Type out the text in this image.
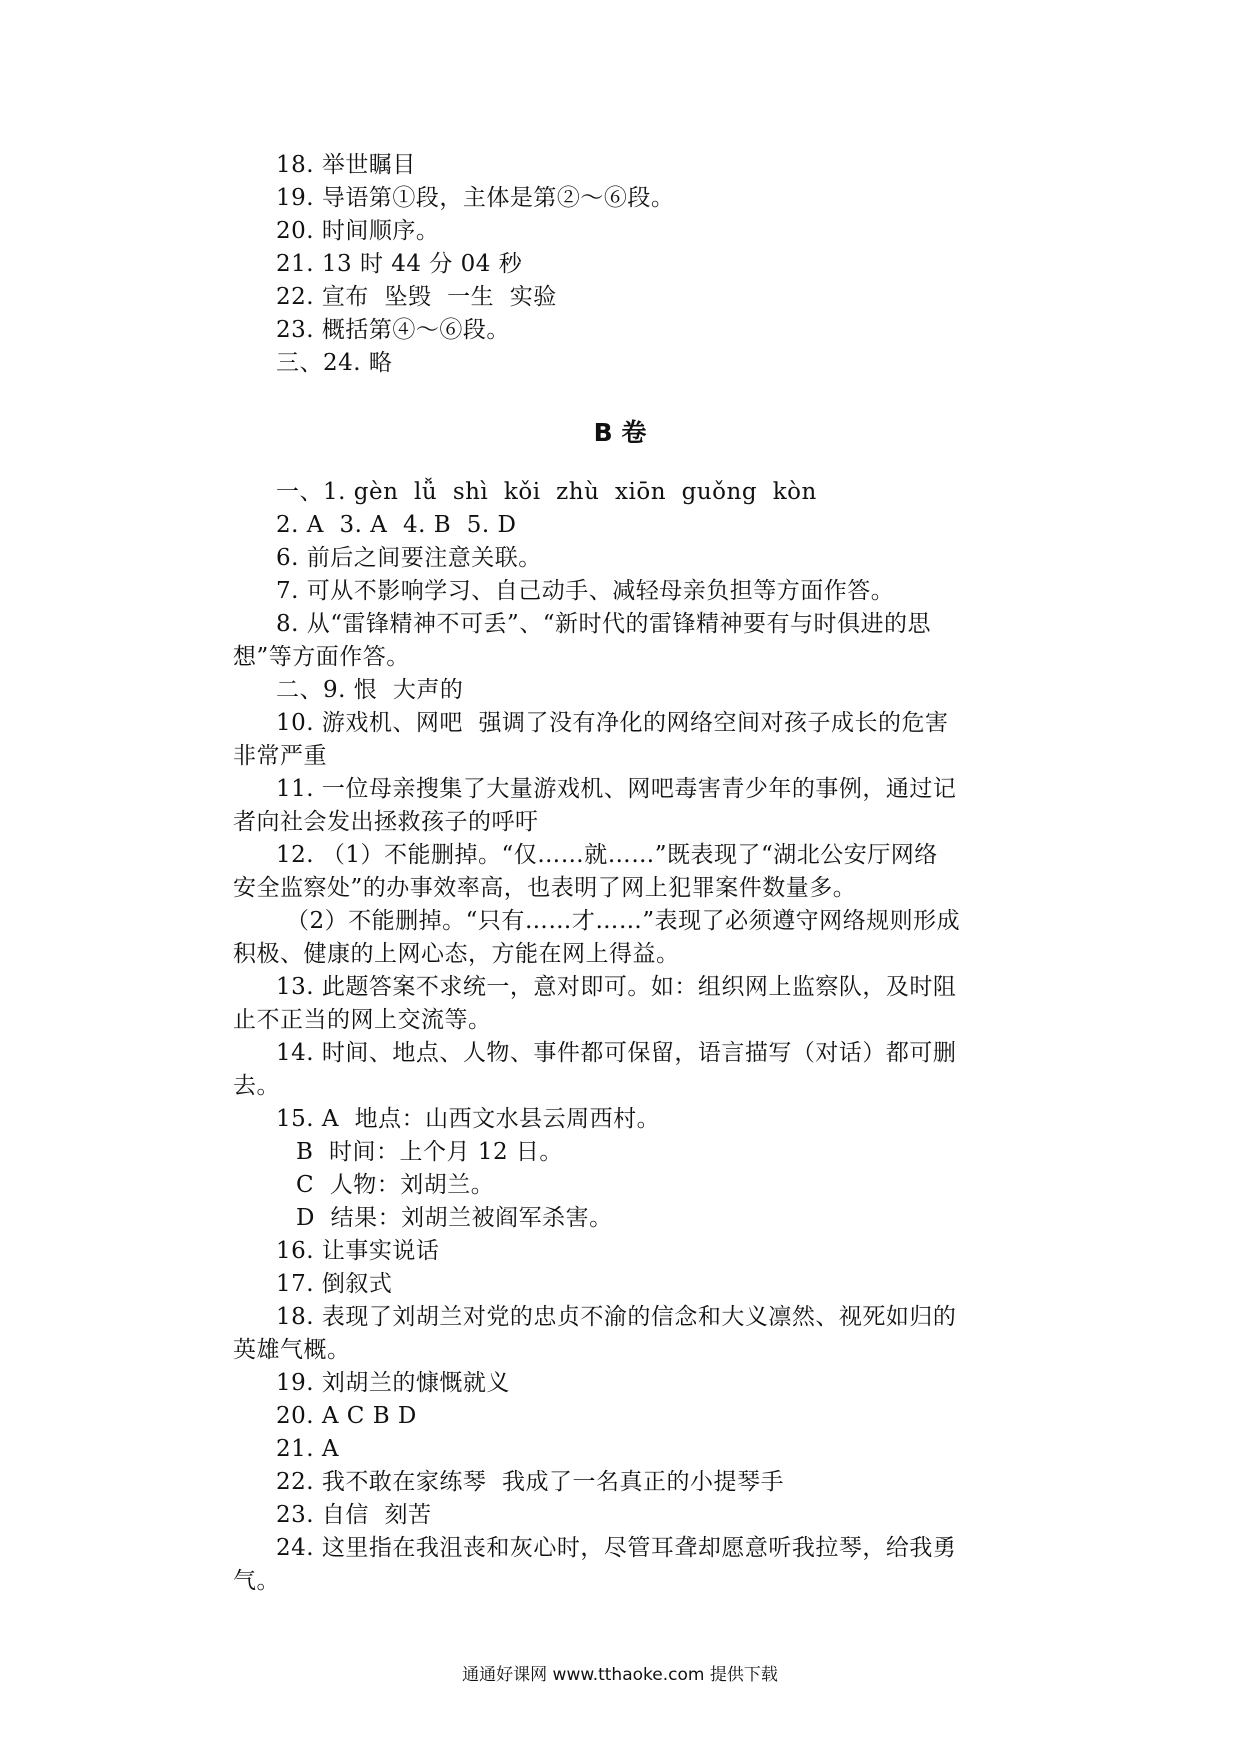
18. 举世瞩目
19. 导语第①段，主体是第②～⑥段。
20. 时间顺序。
21. 13 时 44 分 04 秒
22. 宣布  坠毁  一生  实验
23. 概括第④～⑥段。
三、24. 略
B 卷
一、1. gèn  lǚ  shì  kǒi  zhù  xiōn  guǒng  kòn
2. A  3. A  4. B  5. D
6. 前后之间要注意关联。
7. 可从不影响学习、自己动手、减轻母亲负担等方面作答。
8. 从“雷锋精神不可丢”、“新时代的雷锋精神要有与时俱进的思
想”等方面作答。
二、9. 恨  大声的
10. 游戏机、网吧  强调了没有净化的网络空间对孩子成长的危害
非常严重
11. 一位母亲搜集了大量游戏机、网吧毒害青少年的事例，通过记
者向社会发出拯救孩子的呼吁
12. （1）不能删掉。“仅……就……”既表现了“湖北公安厅网络
安全监察处”的办事效率高，也表明了网上犯罪案件数量多。
（2）不能删掉。“只有……才……”表现了必须遵守网络规则形成
积极、健康的上网心态，方能在网上得益。
13. 此题答案不求统一，意对即可。如：组织网上监察队，及时阻
止不正当的网上交流等。
14. 时间、地点、人物、事件都可保留，语言描写（对话）都可删
去。
15. A  地点：山西文水县云周西村。
B  时间：上个月 12 日。
C  人物：刘胡兰。
D  结果：刘胡兰被阎军杀害。
16. 让事实说话
17. 倒叙式
18. 表现了刘胡兰对党的忠贞不渝的信念和大义凛然、视死如归的
英雄气概。
19. 刘胡兰的慷慨就义
20. A C B D
21. A
22. 我不敢在家练琴  我成了一名真正的小提琴手
23. 自信  刻苦
24. 这里指在我沮丧和灰心时，尽管耳聋却愿意听我拉琴，给我勇
气。
通通好课网 www.tthaoke.com 提供下载
